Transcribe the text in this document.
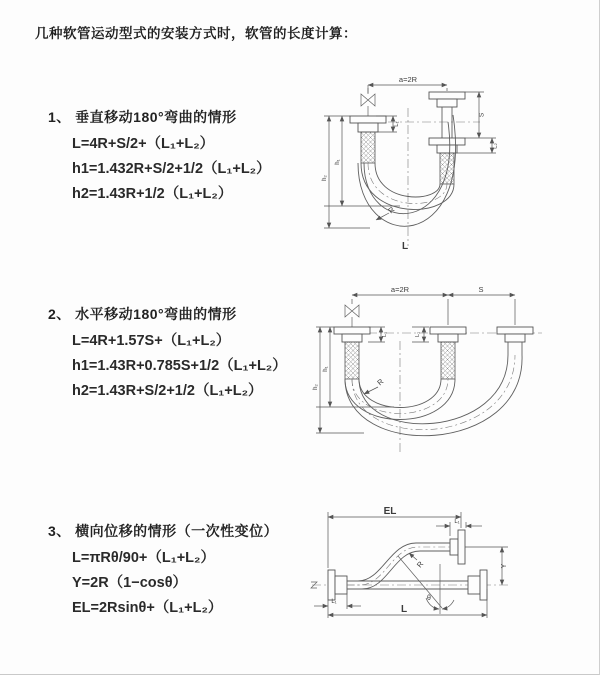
几种软管运动型式的安装方式时，软管的长度计算：
1、 垂直移动180°弯曲的情形
L=4R+S/2+（L₁+L₂）
h1=1.432R+S/2+1/2（L₁+L₂）
h2=1.43R+1/2（L₁+L₂）
2、 水平移动180°弯曲的情形
L=4R+1.57S+（L₁+L₂）
h1=1.43R+0.785S+1/2（L₁+L₂）
h2=1.43R+S/2+1/2（L₁+L₂）
3、 横向位移的情形（一次性变位）
L=πRθ/90+（L₁+L₂）
Y=2R（1−cosθ）
EL=2Rsinθ+（L₁+L₂）
a=2R
L₁
S
L₂
h₁
h₂
R
L
a=2R	S
L₁	L₁
h₁
h₂	R
EL
L₁
Y
θ
R
L₁
L
